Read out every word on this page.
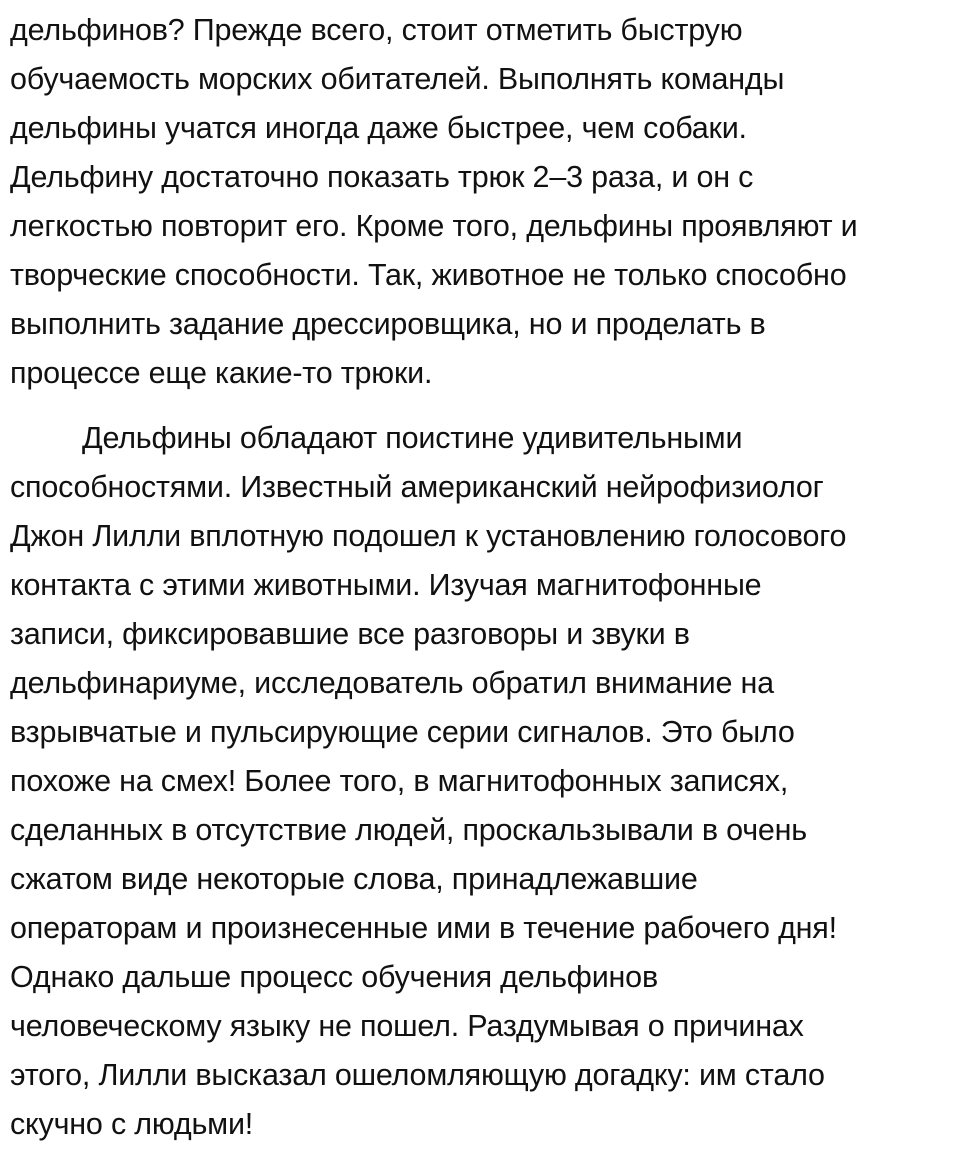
дельфинов? Прежде всего, стоит отметить быструю
обучаемость морских обитателей. Выполнять команды
дельфины учатся иногда даже быстрее, чем собаки.
Дельфину достаточно показать трюк 2–3 раза, и он с
легкостью повторит его. Кроме того, дельфины проявляют и
творческие способности. Так, животное не только способно
выполнить задание дрессировщика, но и проделать в
процессе еще какие-то трюки.
Дельфины обладают поистине удивительными
способностями. Известный американский нейрофизиолог
Джон Лилли вплотную подошел к установлению голосового
контакта с этими животными. Изучая магнитофонные
записи, фиксировавшие все разговоры и звуки в
дельфинариуме, исследователь обратил внимание на
взрывчатые и пульсирующие серии сигналов. Это было
похоже на смех! Более того, в магнитофонных записях,
сделанных в отсутствие людей, проскальзывали в очень
сжатом виде некоторые слова, принадлежавшие
операторам и произнесенные ими в течение рабочего дня!
Однако дальше процесс обучения дельфинов
человеческому языку не пошел. Раздумывая о причинах
этого, Лилли высказал ошеломляющую догадку: им стало
скучно с людьми!
